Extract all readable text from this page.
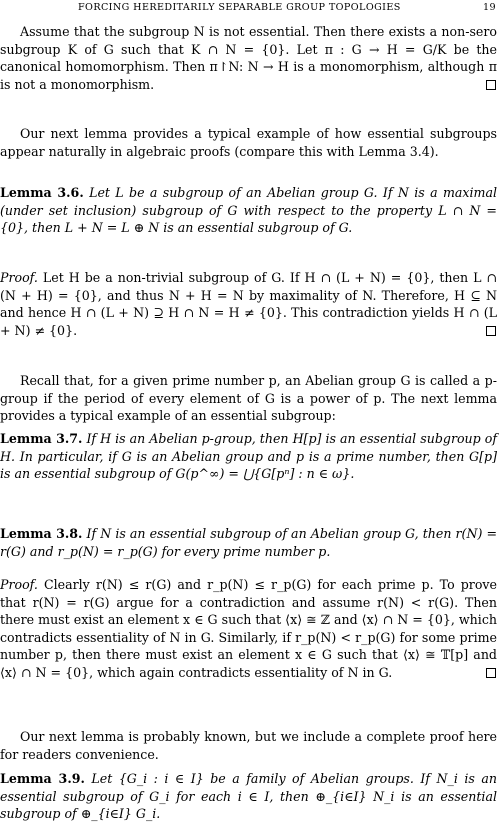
FORCING HEREDITARILY SEPARABLE GROUP TOPOLOGIES	19

Assume that the subgroup N is not essential. Then there exists a non-sero subgroup K of G such that K ∩ N = {0}. Let π : G → H = G/K be the canonical homomorphism. Then π↾N: N → H is a monomorphism, although π is not a monomorphism.

Our next lemma provides a typical example of how essential subgroups appear naturally in algebraic proofs (compare this with Lemma 3.4).

Lemma 3.6. Let L be a subgroup of an Abelian group G. If N is a maximal (under set inclusion) subgroup of G with respect to the property L ∩ N = {0}, then L + N = L ⊕ N is an essential subgroup of G.

Proof. Let H be a non-trivial subgroup of G. If H ∩ (L + N) = {0}, then L ∩ (N + H) = {0}, and thus N + H = N by maximality of N. Therefore, H ⊆ N and hence H ∩ (L + N) ⊇ H ∩ N = H ≠ {0}. This contradiction yields H ∩ (L + N) ≠ {0}.

Recall that, for a given prime number p, an Abelian group G is called a p-group if the period of every element of G is a power of p. The next lemma provides a typical example of an essential subgroup:

Lemma 3.7. If H is an Abelian p-group, then H[p] is an essential subgroup of H. In particular, if G is an Abelian group and p is a prime number, then G[p] is an essential subgroup of G(p^∞) = ⋃{G[pⁿ] : n ∈ ω}.

Lemma 3.8. If N is an essential subgroup of an Abelian group G, then r(N) = r(G) and r_p(N) = r_p(G) for every prime number p.

Proof. Clearly r(N) ≤ r(G) and r_p(N) ≤ r_p(G) for each prime p. To prove that r(N) = r(G) argue for a contradiction and assume r(N) < r(G). Then there must exist an element x ∈ G such that ⟨x⟩ ≅ ℤ and ⟨x⟩ ∩ N = {0}, which contradicts essentiality of N in G. Similarly, if r_p(N) < r_p(G) for some prime number p, then there must exist an element x ∈ G such that ⟨x⟩ ≅ 𝕋[p] and ⟨x⟩ ∩ N = {0}, which again contradicts essentiality of N in G.

Our next lemma is probably known, but we include a complete proof here for readers convenience.

Lemma 3.9. Let {G_i : i ∈ I} be a family of Abelian groups. If N_i is an essential subgroup of G_i for each i ∈ I, then ⊕_{i∈I} N_i is an essential subgroup of ⊕_{i∈I} G_i.
